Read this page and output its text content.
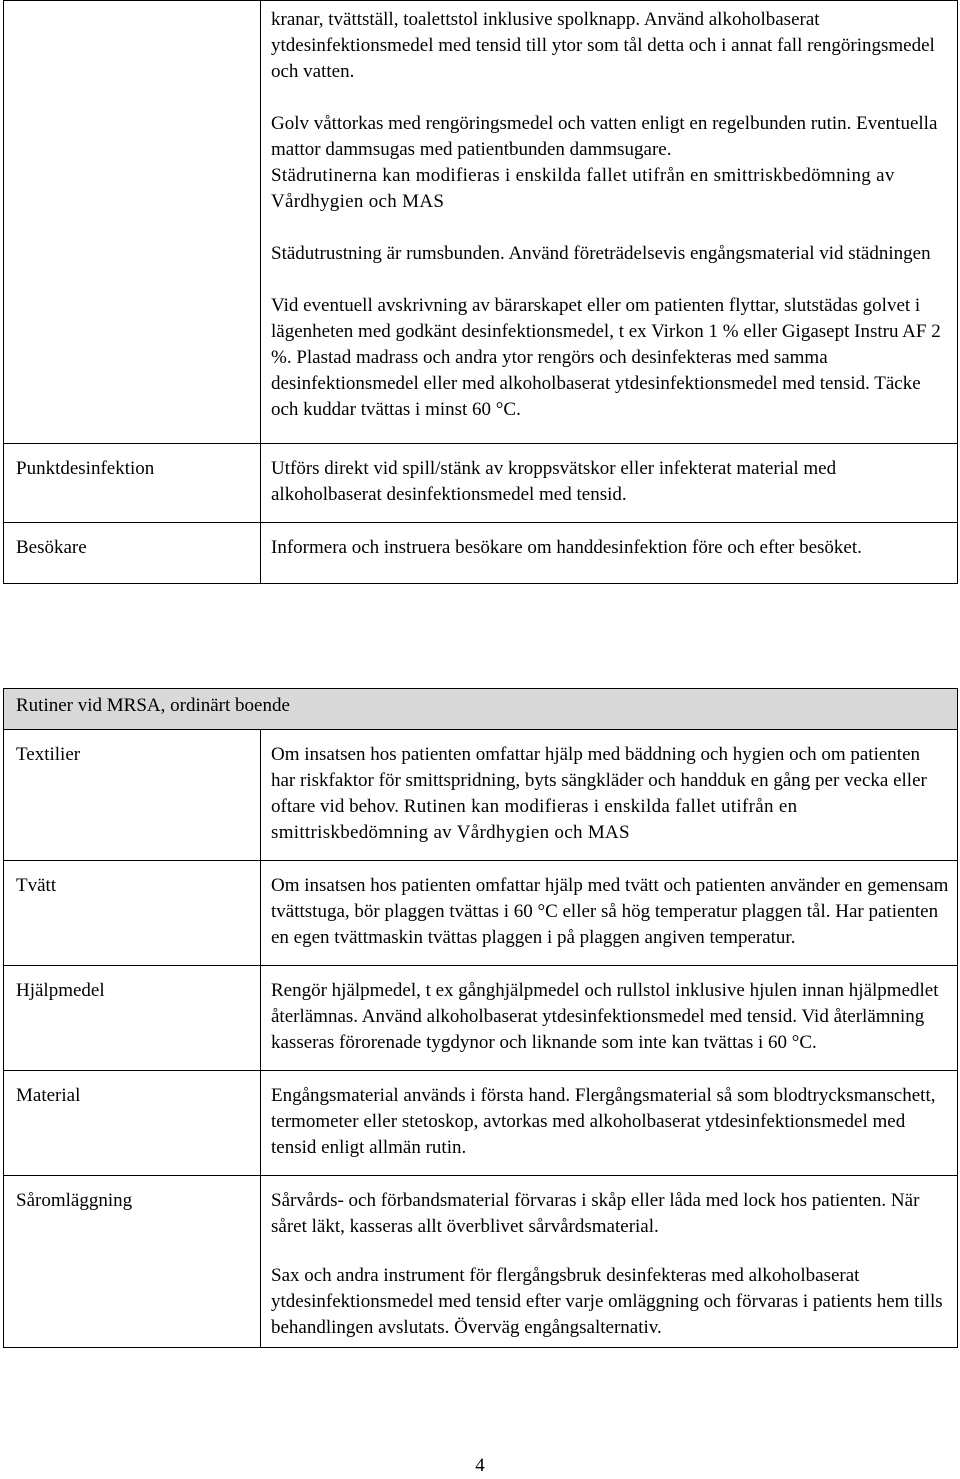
	kranar, tvättställ, toalettstol inklusive spolknapp. Använd alkoholbaserat ytdesinfektionsmedel med tensid till ytor som tål detta och i annat fall rengöringsmedel och vatten.

Golv våttorkas med rengöringsmedel och vatten enligt en regelbunden rutin. Eventuella mattor dammsugas med patientbunden dammsugare.

Städrutinerna kan modifieras i enskilda fallet utifrån en smittriskbedömning av Vårdhygien och MAS

Städutrustning är rumsbunden. Använd företrädelsevis engångsmaterial vid städningen

Vid eventuell avskrivning av bärarskapet eller om patienten flyttar, slutstädas golvet i lägenheten med godkänt desinfektionsmedel, t ex Virkon 1 % eller Gigasept Instru AF 2 %. Plastad madrass och andra ytor rengörs och desinfekteras med samma desinfektionsmedel eller med alkoholbaserat ytdesinfektionsmedel med tensid. Täcke och kuddar tvättas i minst 60 °C.

Punktdesinfektion	Utförs direkt vid spill/stänk av kroppsvätskor eller infekterat material med alkoholbaserat desinfektionsmedel med tensid.
Besökare	Informera och instruera besökare om handdesinfektion före och efter besöket.
Rutiner vid MRSA, ordinärt boende	
Textilier	Om insatsen hos patienten omfattar hjälp med bäddning och hygien och om patienten har riskfaktor för smittspridning, byts sängkläder och handduk en gång per vecka eller oftare vid behov. Rutinen kan modifieras i enskilda fallet utifrån en smittriskbedömning av Vårdhygien och MAS
Tvätt	Om insatsen hos patienten omfattar hjälp med tvätt och patienten använder en gemensam tvättstuga, bör plaggen tvättas i 60 °C eller så hög temperatur plaggen tål. Har patienten en egen tvättmaskin tvättas plaggen i på plaggen angiven temperatur.
Hjälpmedel	Rengör hjälpmedel, t ex gånghjälpmedel och rullstol inklusive hjulen innan hjälpmedlet återlämnas. Använd alkoholbaserat ytdesinfektionsmedel med tensid. Vid återlämning kasseras förorenade tygdynor och liknande som inte kan tvättas i 60 °C.
Material	Engångsmaterial används i första hand. Flergångsmaterial så som blodtrycksmanschett, termometer eller stetoskop, avtorkas med alkoholbaserat ytdesinfektionsmedel med tensid enligt allmän rutin.
Såromläggning	Sårvårds- och förbandsmaterial förvaras i skåp eller låda med lock hos patienten. När såret läkt, kasseras allt överblivet sårvårdsmaterial.

Sax och andra instrument för flergångsbruk desinfekteras med alkoholbaserat ytdesinfektionsmedel med tensid efter varje omläggning och förvaras i patients hem tills behandlingen avslutats. Överväg engångsalternativ.

4
